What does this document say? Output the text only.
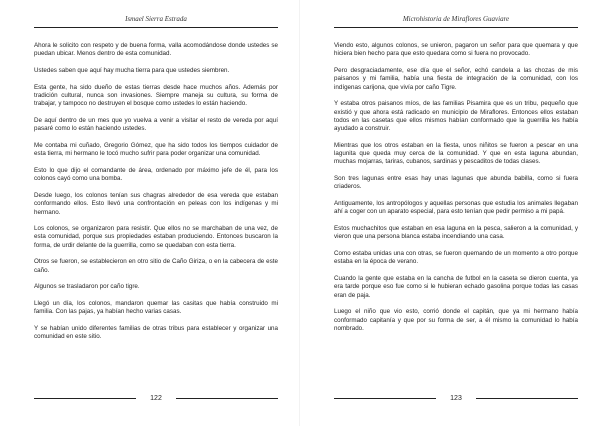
Ismael Sierra Estrada

Ahora le solicito con respeto y de buena forma, valla acomodándose donde ustedes se puedan ubicar. Menos dentro de esta comunidad.

Ustedes saben que aquí hay mucha tierra para que ustedes siembren.

Esta gente, ha sido dueño de estas tierras desde hace muchos años. Además por tradición cultural, nunca son invasiones. Siempre maneja su cultura, su forma de trabajar, y tampoco no destruyen el bosque como ustedes lo están haciendo.

De aquí dentro de un mes que yo vuelva a venir a visitar el resto de vereda por aquí pasaré como lo están haciendo ustedes.

Me contaba mi cuñado, Gregorio Gómez, que ha sido todos los tiempos cuidador de esta tierra, mi hermano le tocó mucho sufrir para poder organizar una comunidad.

Esto lo que dijo el comandante de área, ordenado por máximo jefe de él, para los colonos cayó como una bomba.

Desde luego, los colonos tenían sus chagras alrededor de esa vereda que estaban conformando ellos. Esto llevó una confrontación en peleas con los indígenas y mi hermano.

Los colonos, se organizaron para resistir. Que ellos no se marchaban de una vez, de esta comunidad, porque sus propiedades estaban produciendo. Entonces buscaron la forma, de urdir delante de la guerrilla, como se quedaban con esta tierra.

Otros se fueron, se establecieron en otro sitio de Caño Giriza, o en la cabecera de este caño.

Algunos se trasladaron por caño tigre.

Llegó un día, los colonos, mandaron quemar las casitas que había construido mi familia. Con las pajas, ya habían hecho varias casas.

Y se habían unido diferentes familias de otras tribus para establecer y organizar una comunidad en este sitio.

122
Microhistoria de Miraflores Guaviare

Viendo esto, algunos colonos, se unieron, pagaron un señor para que quemara y que hiciera bien hecho para que esto quedara como si fuera no provocado.

Pero desgraciadamente, ese día que el señor, echó candela a las chozas de mis paisanos y mi familia, había una fiesta de integración de la comunidad, con los indígenas carijona, que vivía por caño Tigre.

Y estaba otros paisanos míos, de las familias Pisamira que es un tribu, pequeño que existió y que ahora está radicado en municipio de Miraflores. Entonces ellos estaban todos en las casetas que ellos mismos habían conformado que la guerrilla les había ayudado a construir.

Mientras que los otros estaban en la fiesta, unos niñitos se fueron a pescar en una lagunita que queda muy cerca de la comunidad. Y que en esta laguna abundan, muchas mojarras, tariras, cubanos, sardinas y pescaditos de todas clases.

Son tres lagunas entre esas hay unas lagunas que abunda babilla, como si fuera criaderos.

Antiguamente, los antropólogos y aquellas personas que estudia los animales llegaban ahí a coger con un aparato especial, para esto tenían que pedir permiso a mi papá.

Estos muchachitos que estaban en esa laguna en la pesca, salieron a la comunidad, y vieron que una persona blanca estaba incendiando una casa.

Como estaba unidas una con otras, se fueron quemando de un momento a otro porque estaba en la época de verano.

Cuando la gente que estaba en la cancha de futbol en la caseta se dieron cuenta, ya era tarde porque eso fue como si le hubieran echado gasolina porque todas las casas eran de paja.

Luego el niño que vio esto, corrió donde el capitán, que ya mi hermano había conformado capitanía y que por su forma de ser, a él mismo la comunidad lo había nombrado.

123
